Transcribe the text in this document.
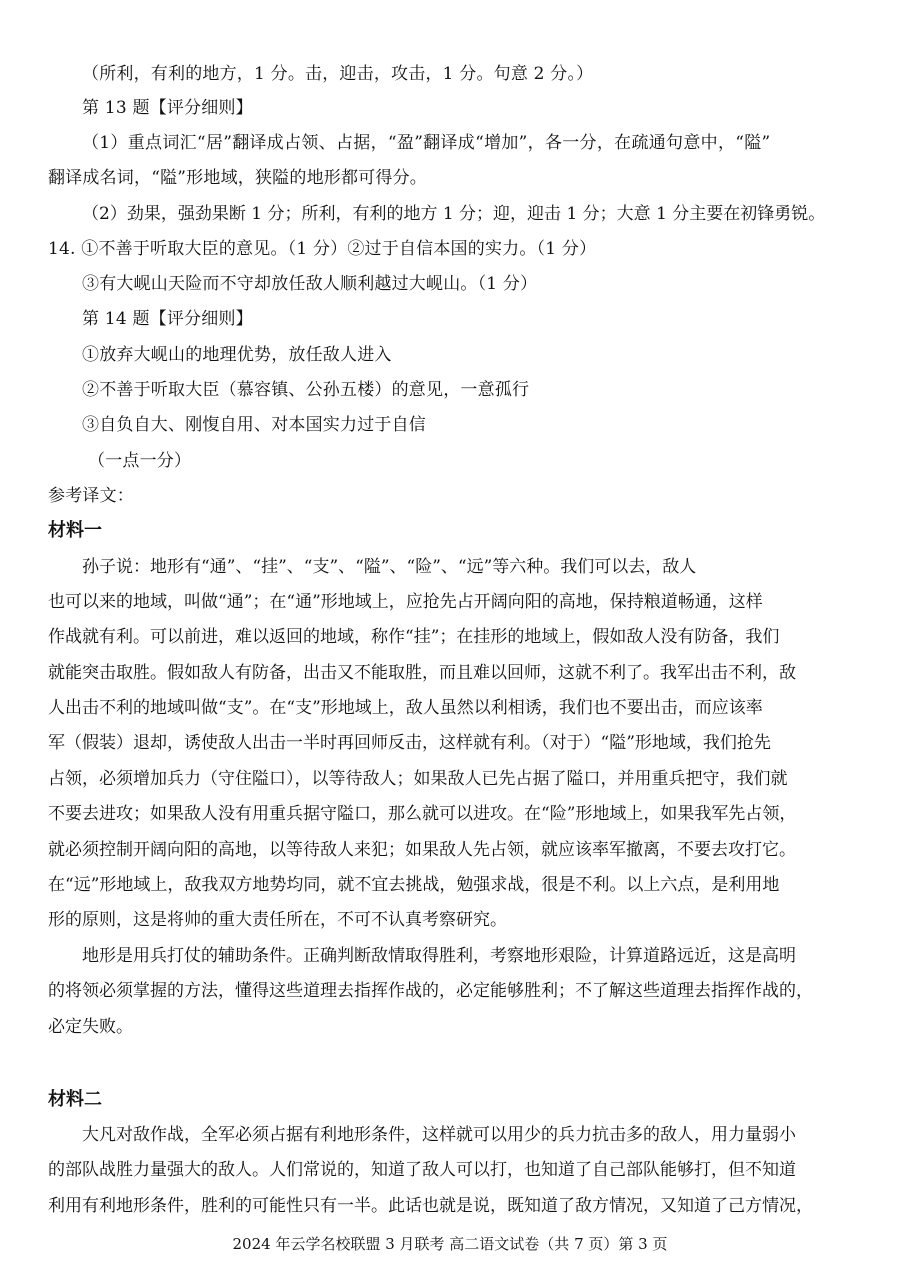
（所利，有利的地方，1 分。击，迎击，攻击，1 分。句意 2 分。）
第 13 题【评分细则】
（1）重点词汇“居”翻译成占领、占据，“盈”翻译成“增加”，各一分，在疏通句意中，“隘”
翻译成名词，“隘”形地域，狭隘的地形都可得分。
（2）劲果，强劲果断 1 分；所利，有利的地方 1 分；迎，迎击 1 分；大意 1 分主要在初锋勇锐。
14. ①不善于听取大臣的意见。（1 分）②过于自信本国的实力。（1 分）
③有大岘山天险而不守却放任敌人顺利越过大岘山。（1 分）
第 14 题【评分细则】
①放弃大岘山的地理优势，放任敌人进入
②不善于听取大臣（慕容镇、公孙五楼）的意见，一意孤行
③自负自大、刚愎自用、对本国实力过于自信
（一点一分）
参考译文：
材料一
孙子说：地形有“通”、“挂”、“支”、“隘”、“险”、“远”等六种。我们可以去，敌人
也可以来的地域，叫做“通”；在“通”形地域上，应抢先占开阔向阳的高地，保持粮道畅通，这样
作战就有利。可以前进，难以返回的地域，称作“挂”；在挂形的地域上，假如敌人没有防备，我们
就能突击取胜。假如敌人有防备，出击又不能取胜，而且难以回师，这就不利了。我军出击不利，敌
人出击不利的地域叫做“支”。在“支”形地域上，敌人虽然以利相诱，我们也不要出击，而应该率
军（假装）退却，诱使敌人出击一半时再回师反击，这样就有利。（对于）“隘”形地域，我们抢先
占领，必须增加兵力（守住隘口），以等待敌人；如果敌人已先占据了隘口，并用重兵把守，我们就
不要去进攻；如果敌人没有用重兵据守隘口，那么就可以进攻。在“险”形地域上，如果我军先占领，
就必须控制开阔向阳的高地，以等待敌人来犯；如果敌人先占领，就应该率军撤离，不要去攻打它。
在“远”形地域上，敌我双方地势均同，就不宜去挑战，勉强求战，很是不利。以上六点，是利用地
形的原则，这是将帅的重大责任所在，不可不认真考察研究。
地形是用兵打仗的辅助条件。正确判断敌情取得胜利，考察地形艰险，计算道路远近，这是高明
的将领必须掌握的方法，懂得这些道理去指挥作战的，必定能够胜利；不了解这些道理去指挥作战的，
必定失败。
材料二
大凡对敌作战，全军必须占据有利地形条件，这样就可以用少的兵力抗击多的敌人，用力量弱小
的部队战胜力量强大的敌人。人们常说的，知道了敌人可以打，也知道了自己部队能够打，但不知道
利用有利地形条件，胜利的可能性只有一半。此话也就是说，既知道了敌方情况，又知道了己方情况，
2024 年云学名校联盟 3 月联考 高二语文试卷（共 7 页）第 3 页
